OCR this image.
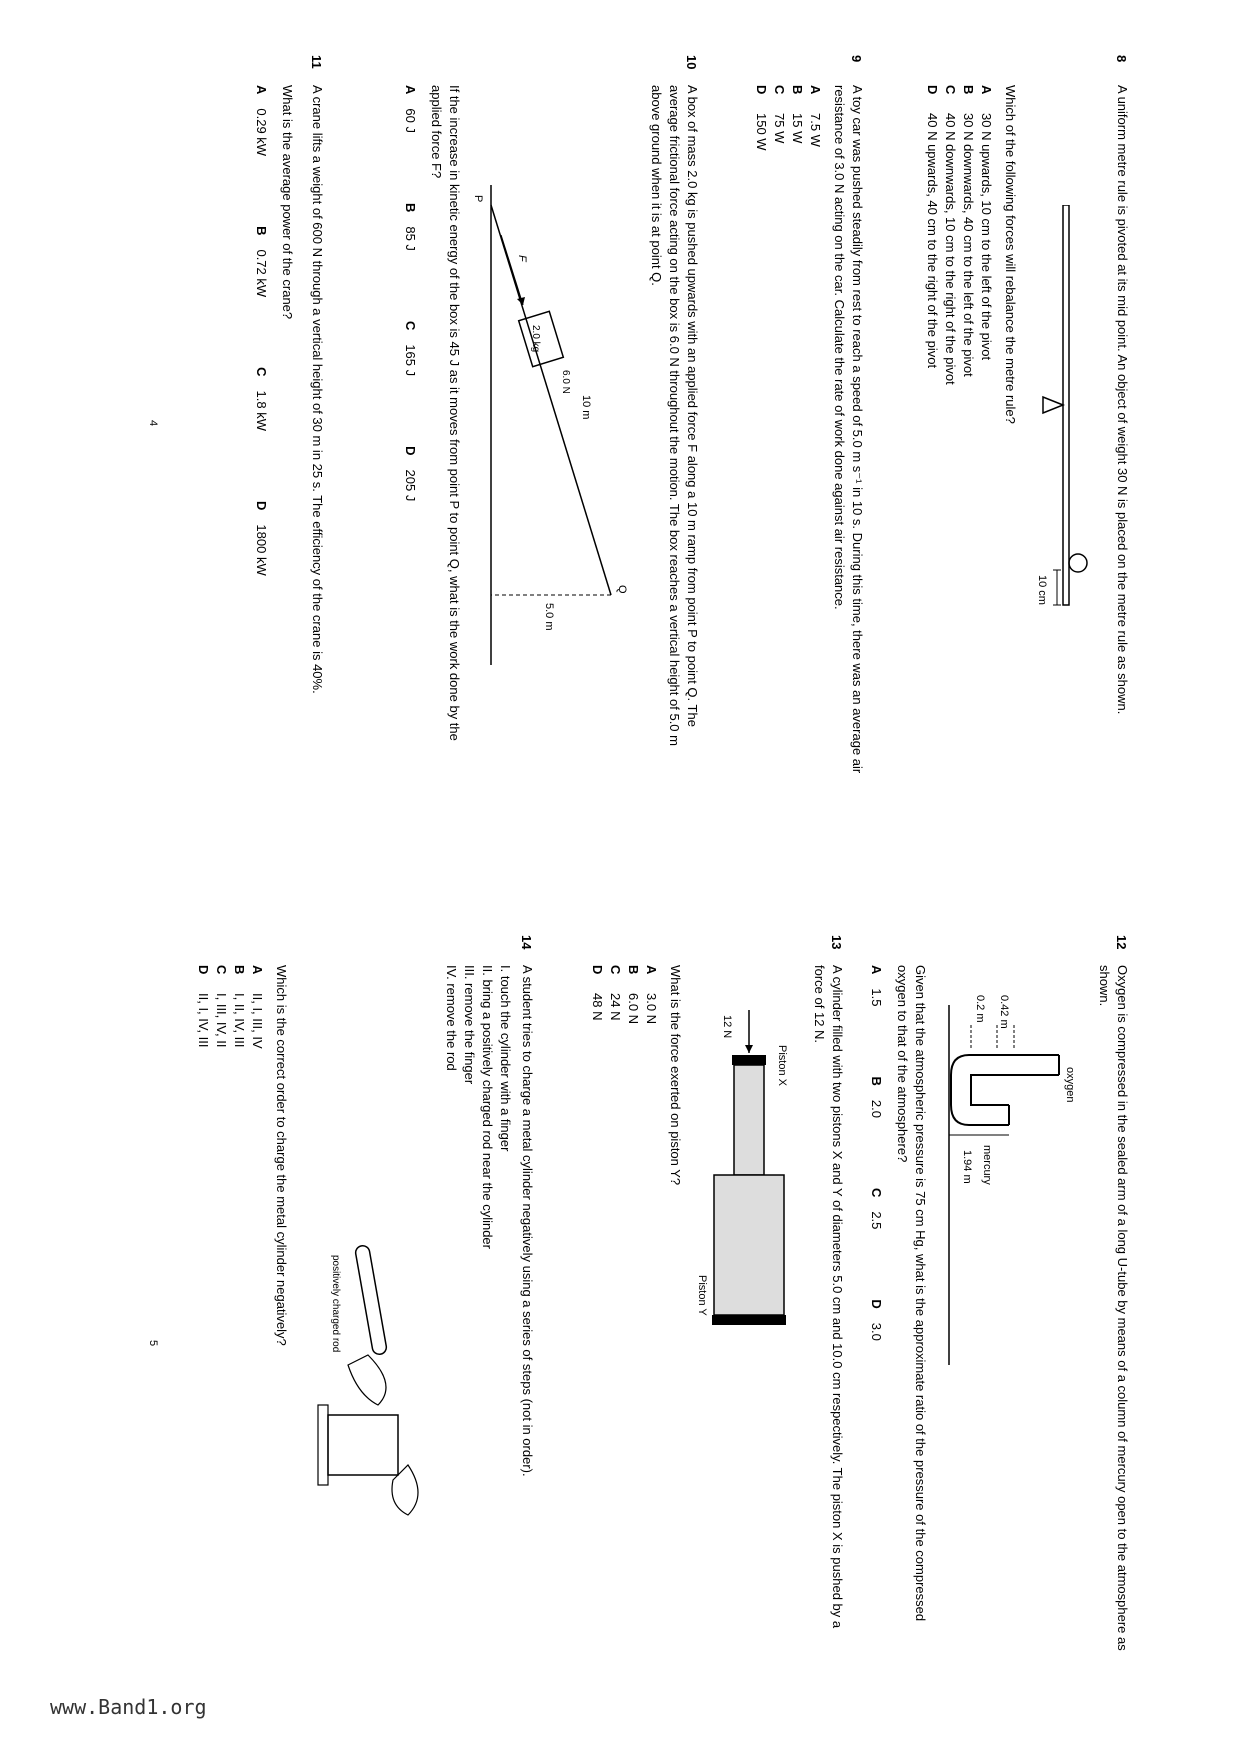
8
A uniform metre rule is pivoted at its mid point. An object of weight 30 N is placed on the metre rule as shown.
10 cm
Which of the following forces will rebalance the metre rule?
A
30 N upwards, 10 cm to the left of the pivot
B
30 N downwards, 40 cm to the left of the pivot
C
40 N downwards, 10 cm to the right of the pivot
D
40 N upwards, 40 cm to the right of the pivot
9
A toy car was pushed steadily from rest to reach a speed of 5.0 m s⁻¹ in 10 s. During this time, there was an average air resistance of 3.0 N acting on the car. Calculate the rate of work done against air resistance.
A
7.5 W
B
15 W
C
75 W
D
150 W
10
A box of mass 2.0 kg is pushed upwards with an applied force F along a 10 m ramp from point P to point Q. The average frictional force acting on the box is 6.0 N throughout the motion. The box reaches a vertical height of 5.0 m above ground when it is at point Q.
2.0 kg
F
6.0 N
10 m
5.0 m
P
Q
If the increase in kinetic energy of the box is 45 J as it moves from point P to point Q, what is the work done by the applied force F?
A60 J
B85 J
C165 J
D205 J
11
A crane lifts a weight of 600 N through a vertical height of 30 m in 25 s. The efficiency of the crane is 40%.
What is the average power of the crane?
A0.29 kW
B0.72 kW
C1.8 kW
D1800 kW
4
12
Oxygen is compressed in the sealed arm of a long U-tube by means of a column of mercury open to the atmosphere as shown.
oxygen
mercury
0.2 m 0.42 m
1.94 m
Given that the atmospheric pressure is 75 cm Hg, what is the approximate ratio of the pressure of the compressed oxygen to that of the atmosphere?
A1.5
B2.0
C2.5
D3.0
13
A cylinder filled with two pistons X and Y of diameters 5.0 cm and 10.0 cm respectively. The piston X is pushed by a force of 12 N.
12 N
Piston X
Piston Y
What is the force exerted on piston Y?
A
3.0 N
B
6.0 N
C
24 N
D
48 N
14
A student tries to charge a metal cylinder negatively using a series of steps (not in order).
I. touch the cylinder with a finger
II. bring a positively charged rod near the cylinder
III. remove the finger
IV. remove the rod
positively charged rod
Which is the correct order to charge the metal cylinder negatively?
A
II, I, III, IV
B
I, II, IV, III
C
I, III, IV, II
D
II, I, IV, III
5
www.Band1.org
